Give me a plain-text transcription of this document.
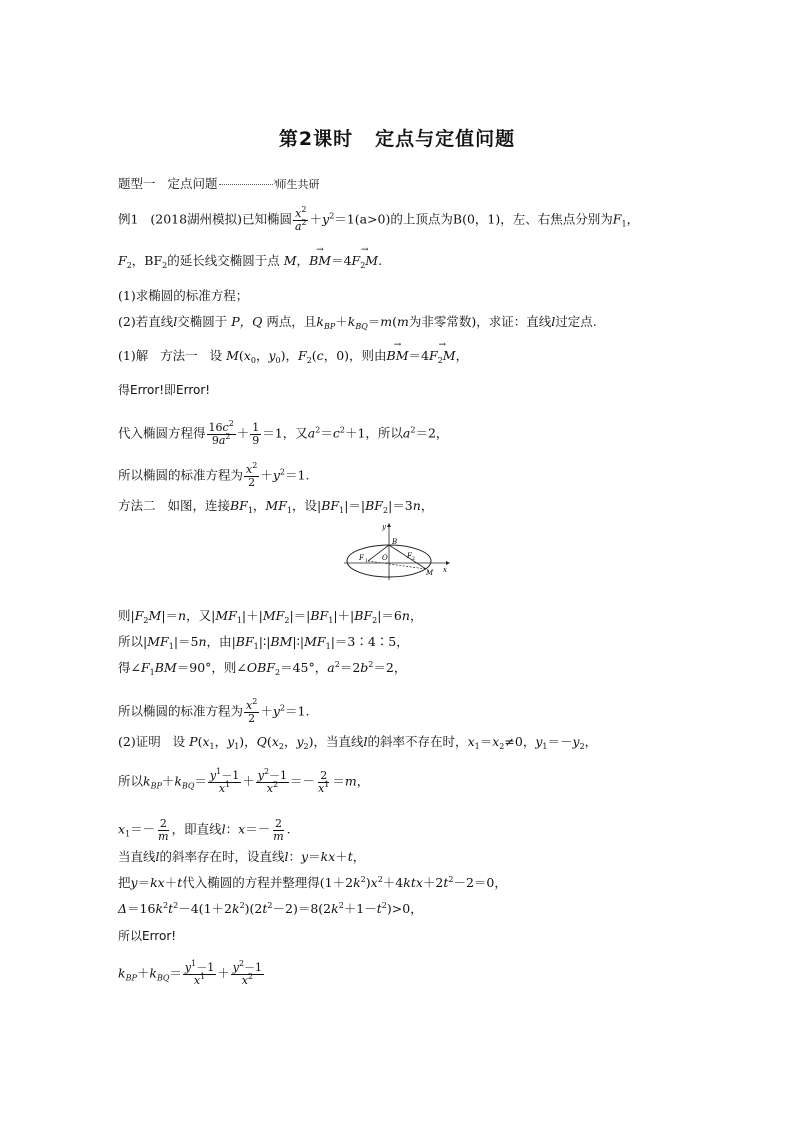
第2课时 定点与定值问题
题型一 定点问题›	师生共研
例1 (2018湖州模拟)已知椭圆 $\frac{x^2}{a^2} +y^2=1(a>0)$的上顶点为B(0，1)，左、右焦点分别为$F_1$，
$F_2$，$BF_2$的延长线交椭圆于点 M，→ $BM=4\to F_2M$.
(1)求椭圆的标准方程；
(2)若直线l交椭圆于 P，Q 两点，且$k_{BP}+k_{BQ}=m(m$为非零常数)，求证：直线l过定点.
(1)解 方法一 设 $M(x_0$，$y_0$)，$F_2(c$，0)，则由→ $BM=4\to F_2M$，
得Error!即Error!
代入椭圆方程得 $\frac{16c^2}{9a^2} + \frac{1}{9} =1$，又$a^2=c^2+1$，所以$a^2=2$，
所以椭圆的标准方程为 $\frac{x^2}{2} +y^2=1$.
方法二 如图，连接$BF_1$，$MF_1$，设$|BF_1|=|BF_2|=3n$，
y
x
B
O
F 1
F 2
M
则$|F_2M|=n$，又$|MF_1|+|MF_2|=|BF_1|+|BF_2|=6n$，
所以$|MF_1|=5n$，由$|BF_1|∶|BM|∶|MF_1|=3∶4∶5$，
得$\angle F_1BM=90^\circ$，则$\angle OBF_2=45^\circ$，$a^2=2b^2=2$，
所以椭圆的标准方程为 $\frac{x^2}{2} +y^2=1$.
(2)证明 设 $P(x_1$，$y_1$)，$Q(x_2$，$y_2$)，当直线l的斜率不存在时，$x_1=x_2\ne 0$，$y_1=-y_2$，
所以$k_{BP}+k_{BQ}= \frac{y^1-1}{x^1} + \frac{y^2-1}{x^2} =- \frac{2}{x^1} =m$，
$x_1=- \frac{2}{m}$ ，即直线l：$x=- \frac{2}{m}$ .
当直线l的斜率存在时，设直线l：y＝kx＋t，
把y＝kx＋t代入椭圆的方程并整理得$(1+2k^2)x^2+4ktx+2t^2-2=0$，
$\Delta=16k^2t^2-4(1+2k^2)(2t^2-2)=8(2k^2+1-t^2)>0$，
所以Error!
$k_{BP}+k_{BQ}= \frac{y^1-1}{x^1} + \frac{y^2-1}{x^2}$
